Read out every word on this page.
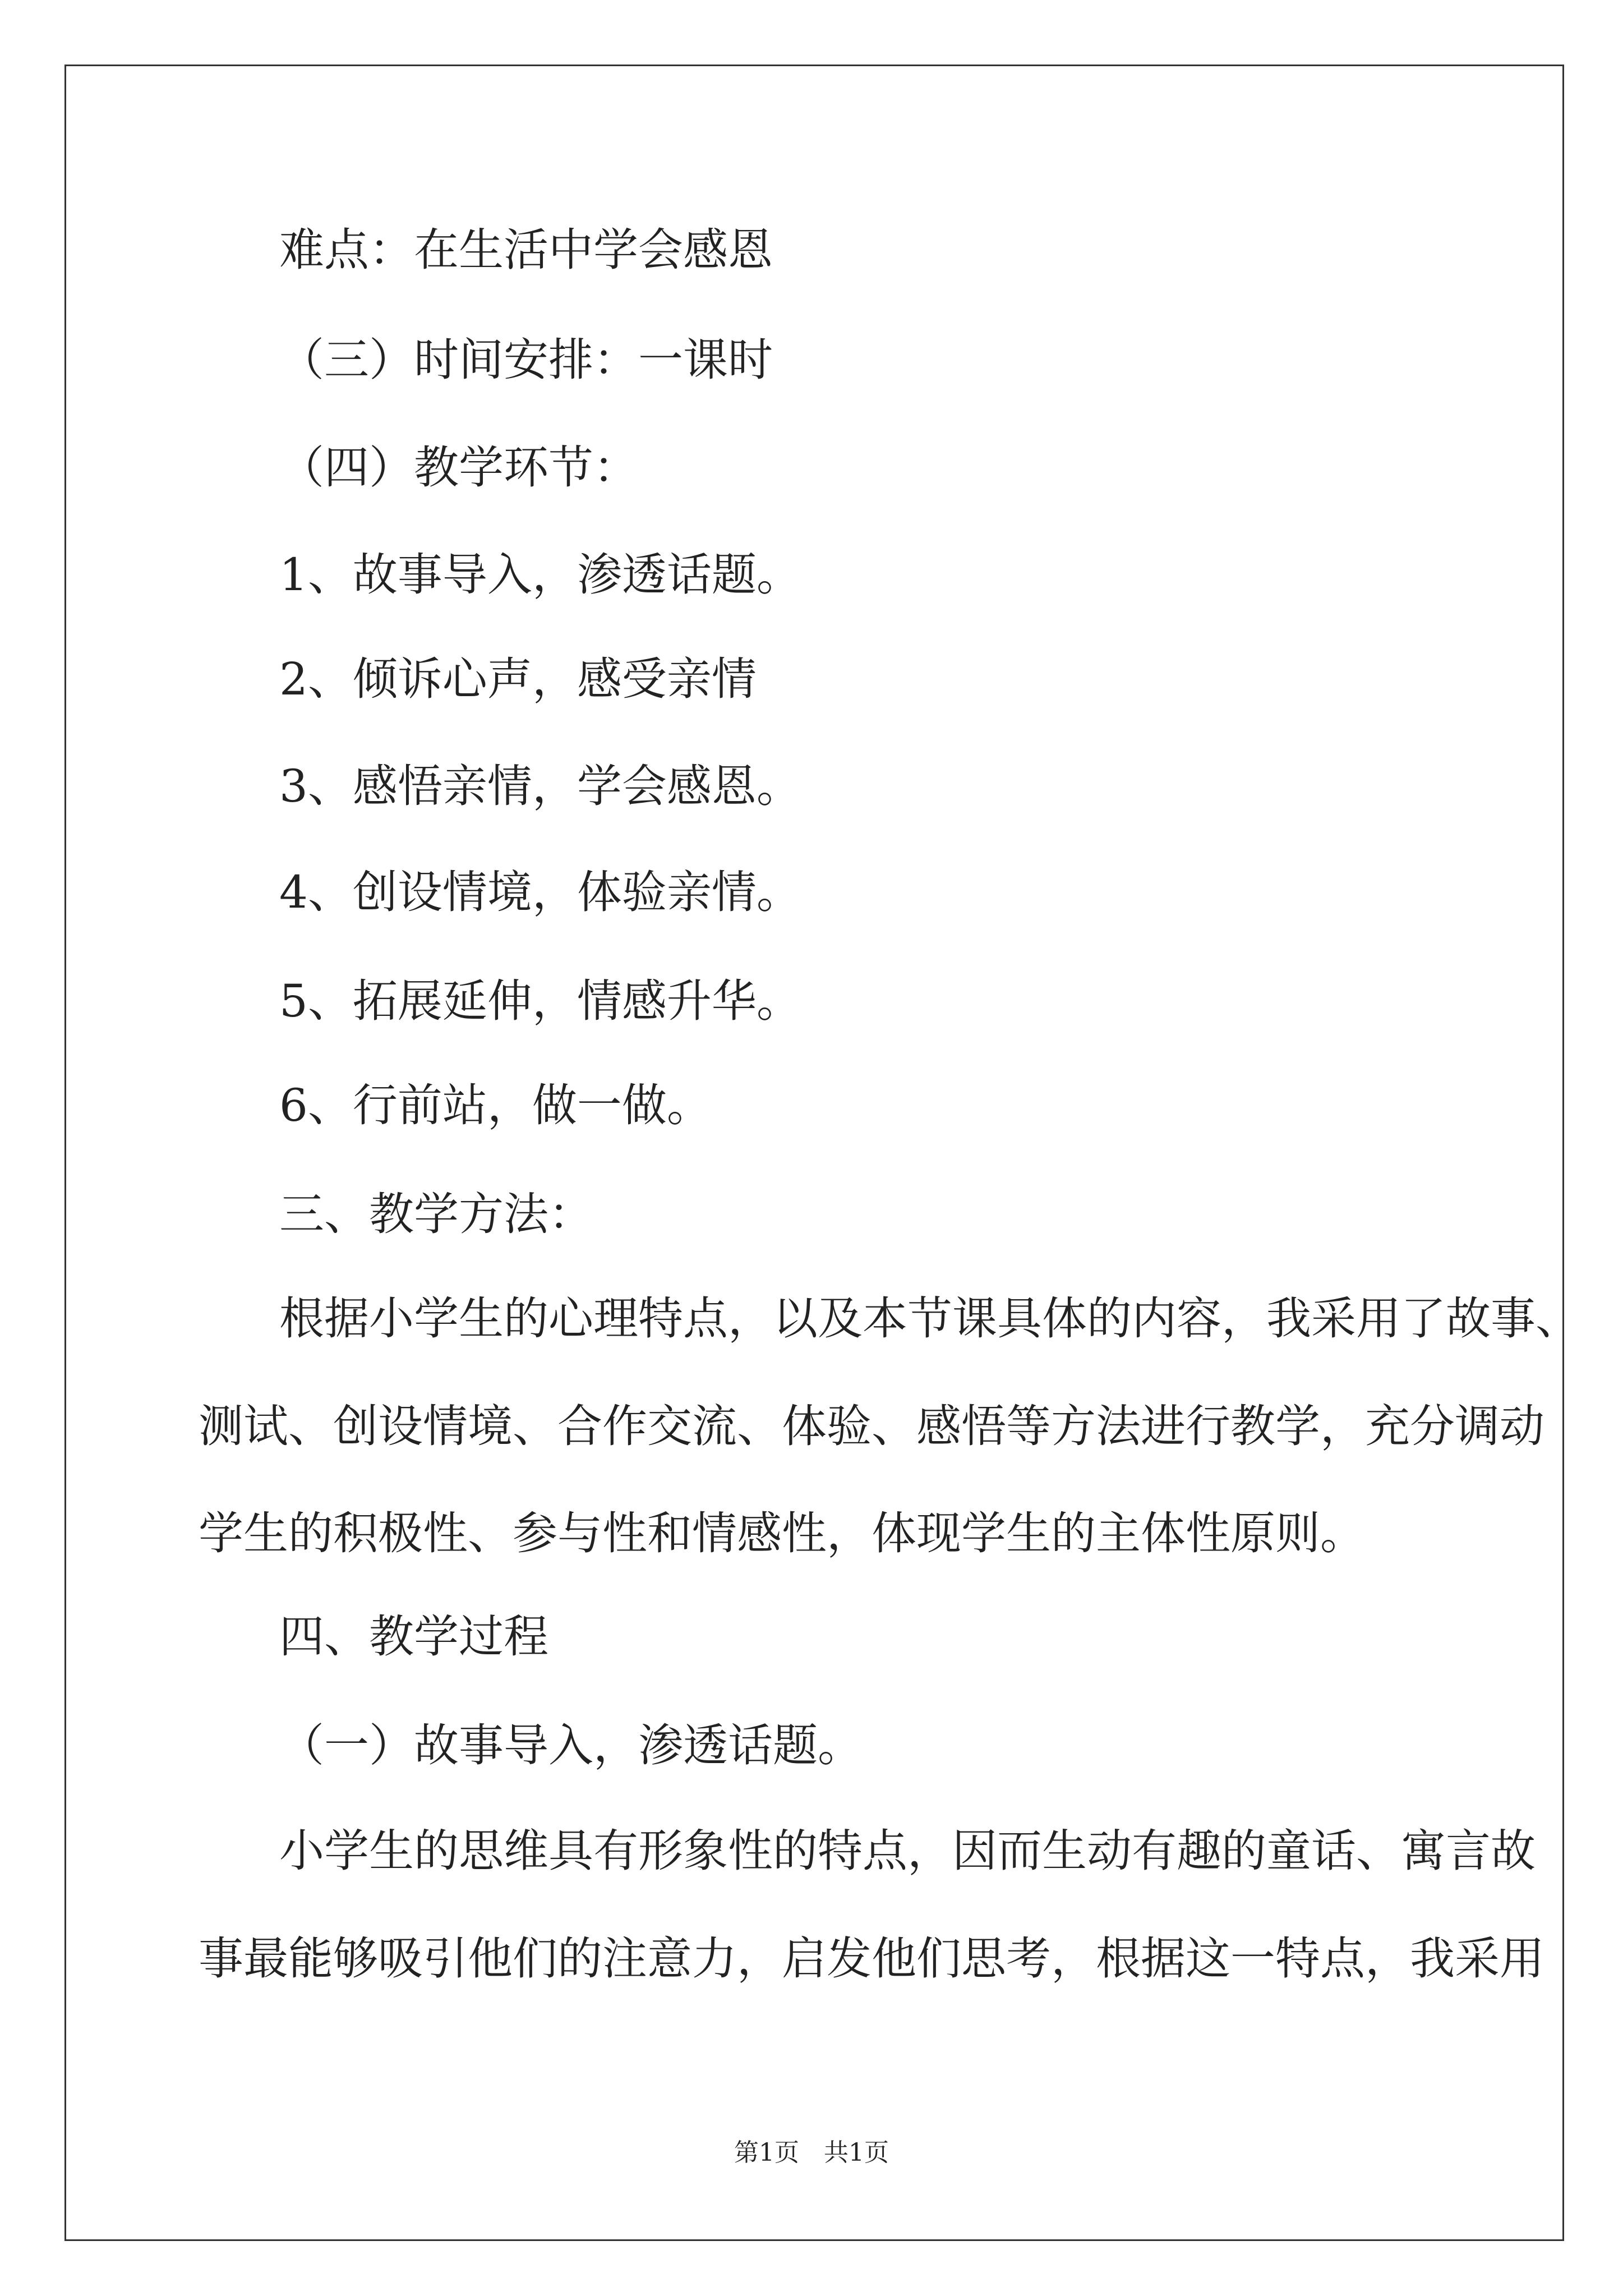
难点：在生活中学会感恩
（三）时间安排：一课时
（四）教学环节：
1、故事导入，渗透话题。
2、倾诉心声，感受亲情
3、感悟亲情，学会感恩。
4、创设情境，体验亲情。
5、拓展延伸，情感升华。
6、行前站，做一做。
三、教学方法：
根据小学生的心理特点，以及本节课具体的内容，我采用了故事、
测试、创设情境、合作交流、体验、感悟等方法进行教学，充分调动
学生的积极性、参与性和情感性，体现学生的主体性原则。
四、教学过程
（一）故事导入，渗透话题。
小学生的思维具有形象性的特点，因而生动有趣的童话、寓言故
事最能够吸引他们的注意力，启发他们思考，根据这一特点，我采用
第1页　共1页
